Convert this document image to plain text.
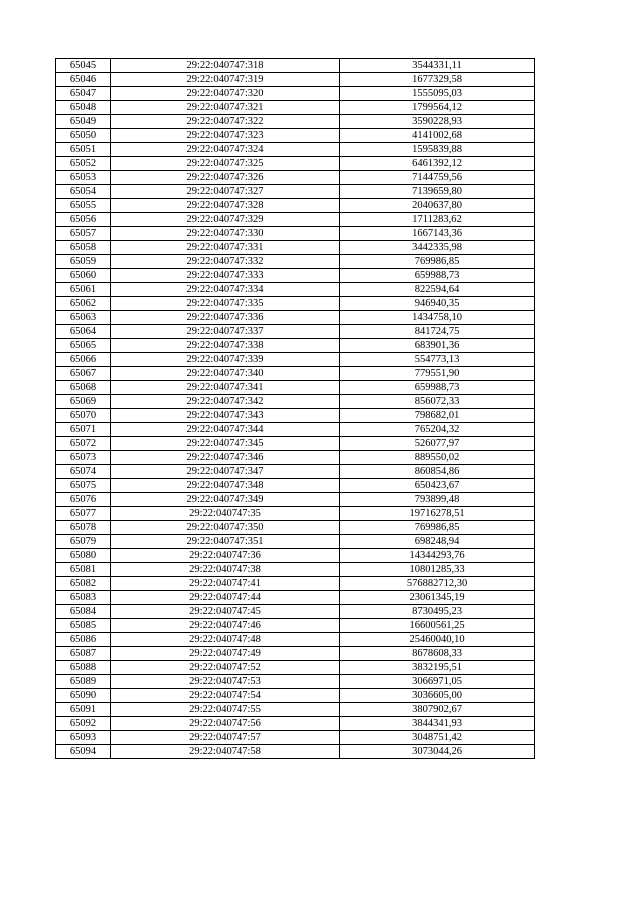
65045	29:22:040747:318	3544331,11
65046	29:22:040747:319	1677329,58
65047	29:22:040747:320	1555095,03
65048	29:22:040747:321	1799564,12
65049	29:22:040747:322	3590228,93
65050	29:22:040747:323	4141002,68
65051	29:22:040747:324	1595839,88
65052	29:22:040747:325	6461392,12
65053	29:22:040747:326	7144759,56
65054	29:22:040747:327	7139659,80
65055	29:22:040747:328	2040637,80
65056	29:22:040747:329	1711283,62
65057	29:22:040747:330	1667143,36
65058	29:22:040747:331	3442335,98
65059	29:22:040747:332	769986,85
65060	29:22:040747:333	659988,73
65061	29:22:040747:334	822594,64
65062	29:22:040747:335	946940,35
65063	29:22:040747:336	1434758,10
65064	29:22:040747:337	841724,75
65065	29:22:040747:338	683901,36
65066	29:22:040747:339	554773,13
65067	29:22:040747:340	779551,90
65068	29:22:040747:341	659988,73
65069	29:22:040747:342	856072,33
65070	29:22:040747:343	798682,01
65071	29:22:040747:344	765204,32
65072	29:22:040747:345	526077,97
65073	29:22:040747:346	889550,02
65074	29:22:040747:347	860854,86
65075	29:22:040747:348	650423,67
65076	29:22:040747:349	793899,48
65077	29:22:040747:35	19716278,51
65078	29:22:040747:350	769986,85
65079	29:22:040747:351	698248,94
65080	29:22:040747:36	14344293,76
65081	29:22:040747:38	10801285,33
65082	29:22:040747:41	576882712,30
65083	29:22:040747:44	23061345,19
65084	29:22:040747:45	8730495,23
65085	29:22:040747:46	16600561,25
65086	29:22:040747:48	25460040,10
65087	29:22:040747:49	8678608,33
65088	29:22:040747:52	3832195,51
65089	29:22:040747:53	3066971,05
65090	29:22:040747:54	3036605,00
65091	29:22:040747:55	3807902,67
65092	29:22:040747:56	3844341,93
65093	29:22:040747:57	3048751,42
65094	29:22:040747:58	3073044,26
